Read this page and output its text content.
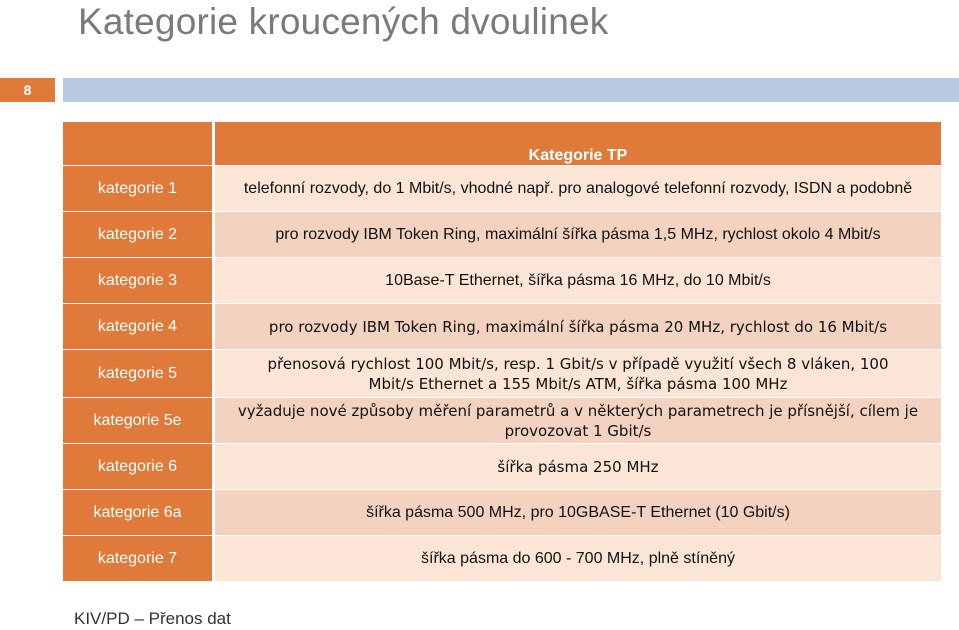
Kategorie kroucených dvoulinek
8
	Kategorie TP
kategorie 1	telefonní rozvody, do 1 Mbit/s, vhodné např. pro analogové telefonní rozvody, ISDN a podobně
kategorie 2	pro rozvody IBM Token Ring, maximální šířka pásma 1,5 MHz, rychlost okolo 4 Mbit/s
kategorie 3	10Base-T Ethernet, šířka pásma 16 MHz, do 10 Mbit/s
kategorie 4	pro rozvody IBM Token Ring, maximální šířka pásma 20 MHz, rychlost do 16 Mbit/s
kategorie 5	přenosová rychlost 100 Mbit/s, resp. 1 Gbit/s v případě využití všech 8 vláken, 100 Mbit/s Ethernet a 155 Mbit/s ATM, šířka pásma 100 MHz
kategorie 5e	vyžaduje nové způsoby měření parametrů a v některých parametrech je přísnější, cílem je provozovat 1 Gbit/s
kategorie 6	šířka pásma 250 MHz
kategorie 6a	šířka pásma 500 MHz, pro 10GBASE-T Ethernet (10 Gbit/s)
kategorie 7	šířka pásma do 600 - 700 MHz, plně stíněný
KIV/PD – Přenos dat
